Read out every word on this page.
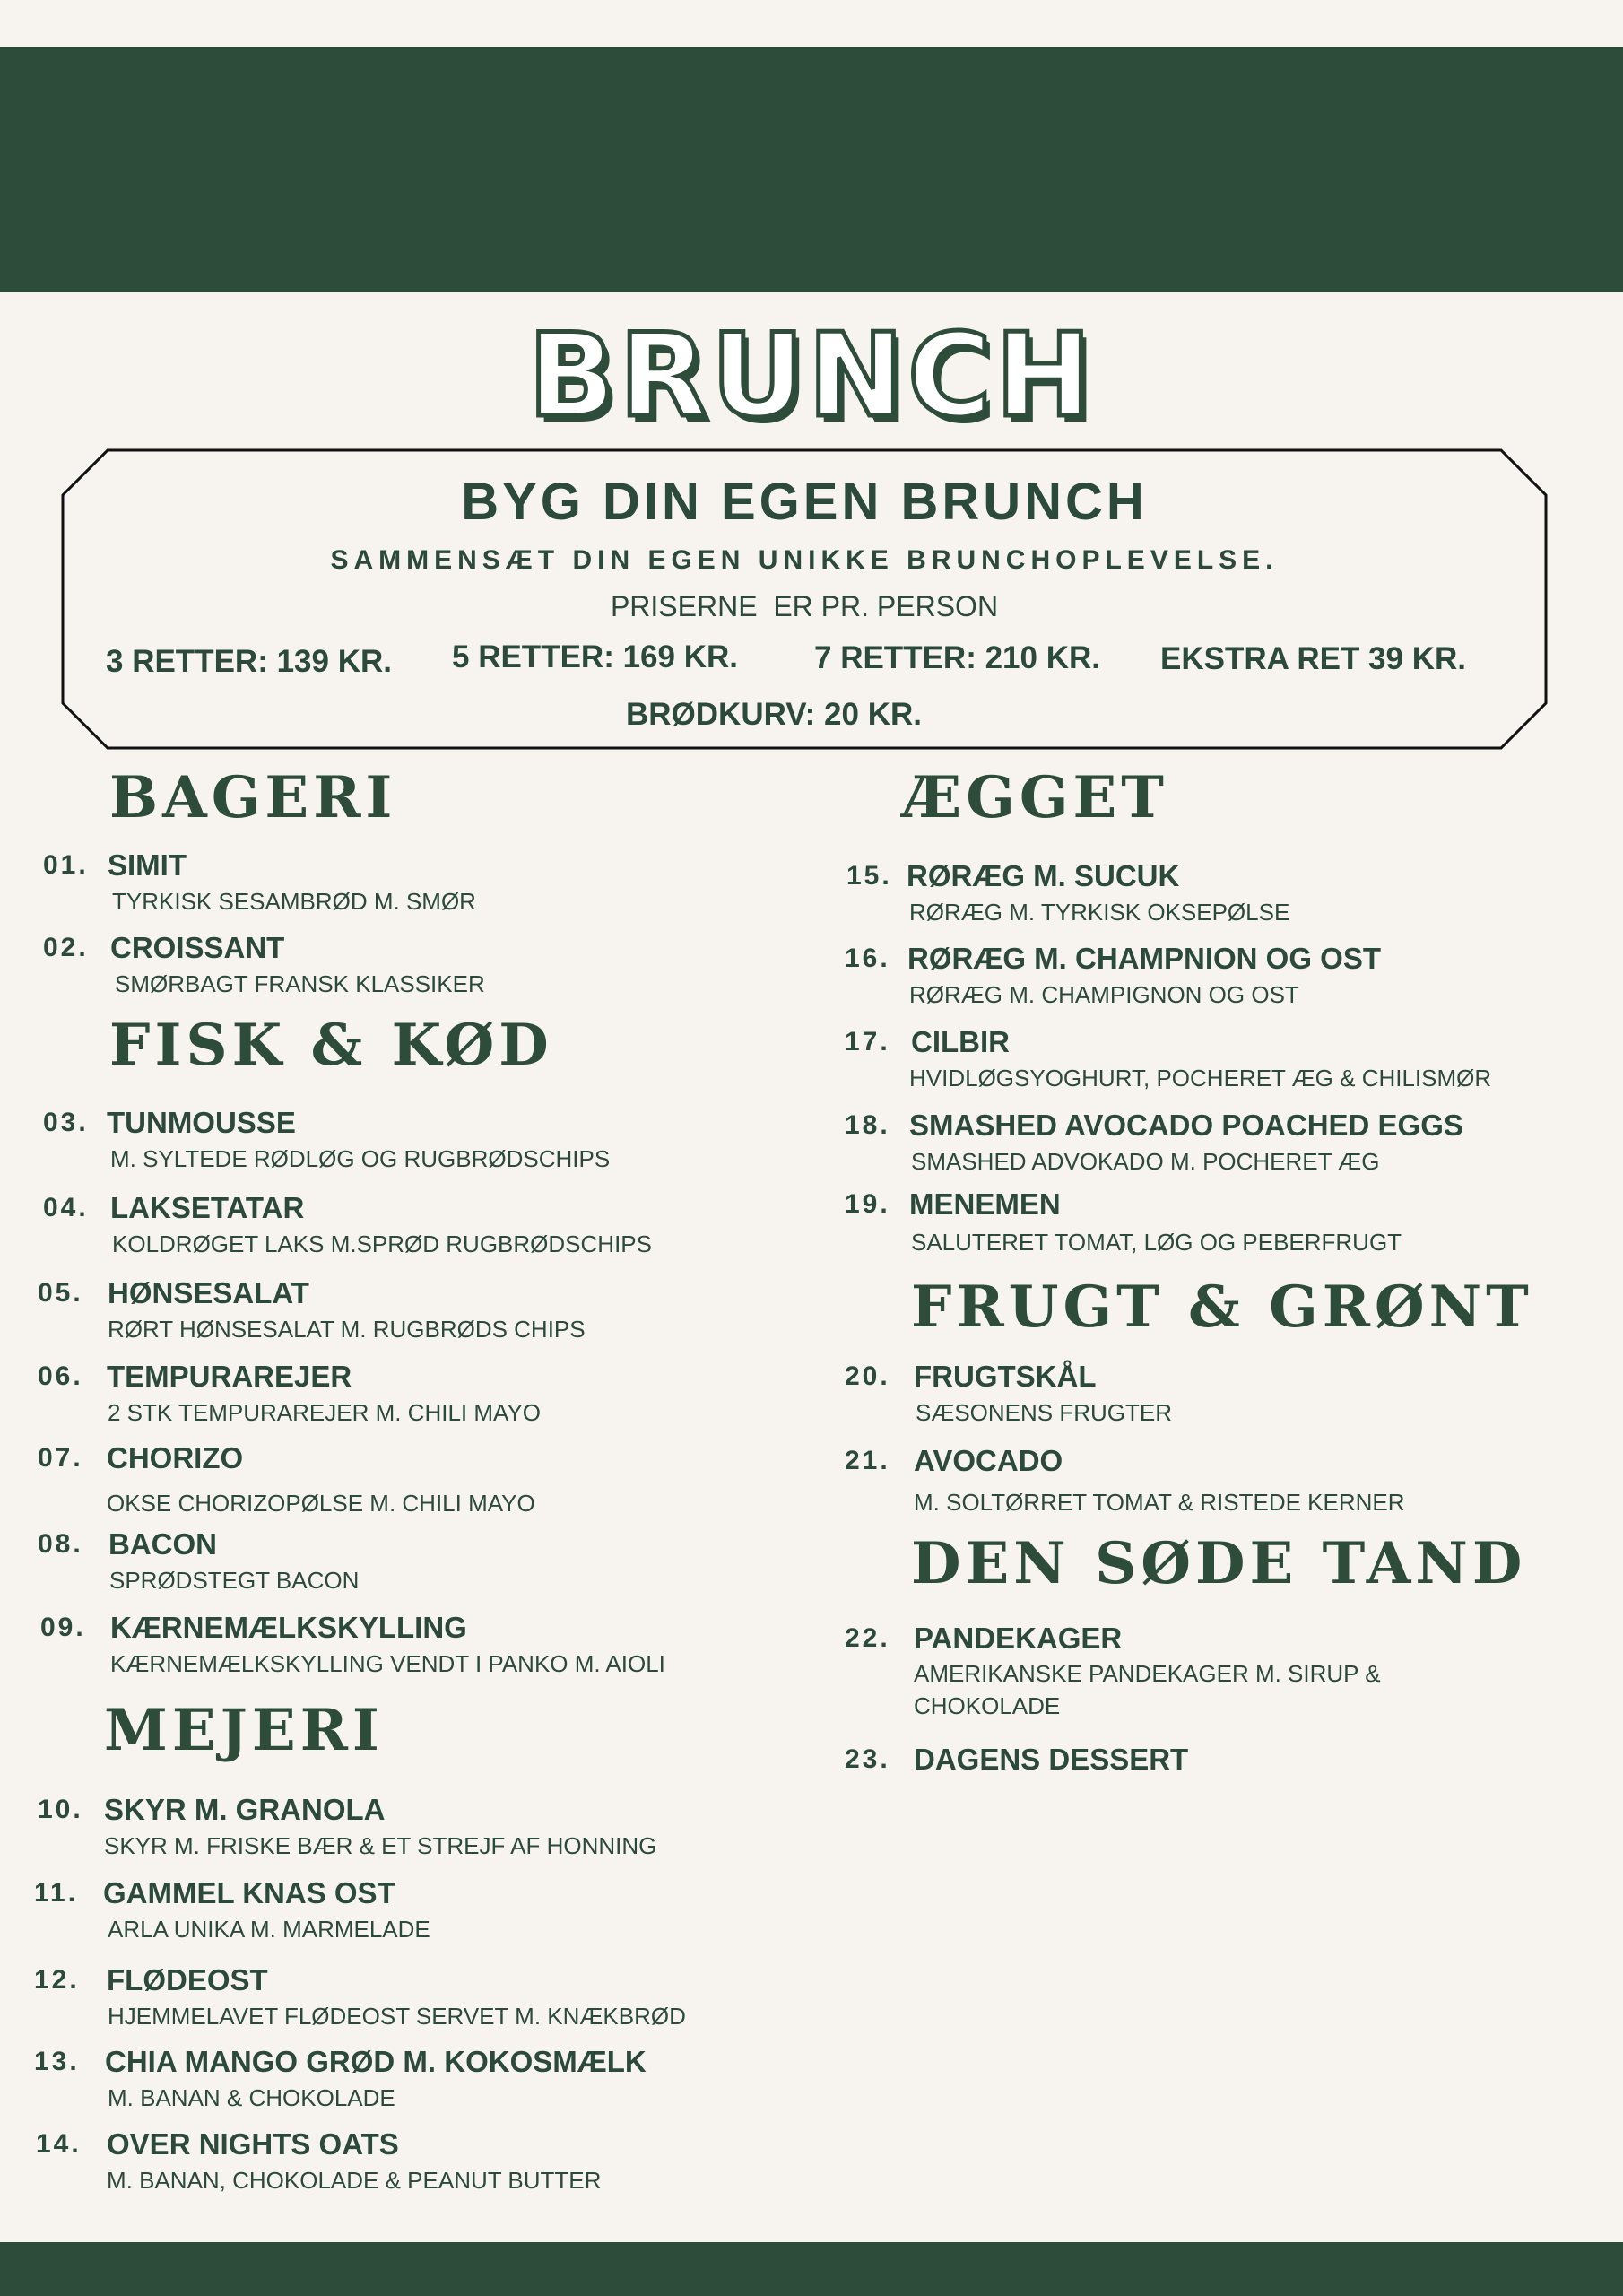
BRUNCH
BYG DIN EGEN BRUNCH
SAMMENSÆT DIN EGEN UNIKKE BRUNCHOPLEVELSE.
PRISERNE  ER PR. PERSON
3 RETTER: 139 KR. 5 RETTER: 169 KR. 7 RETTER: 210 KR. EKSTRA RET 39 KR.
BRØDKURV: 20 KR.
BAGERI
01. SIMIT
TYRKISK SESAMBRØD M. SMØR
02. CROISSANT
SMØRBAGT FRANSK KLASSIKER
FISK & KØD
03. TUNMOUSSE
M. SYLTEDE RØDLØG OG RUGBRØDSCHIPS
04. LAKSETATAR
KOLDRØGET LAKS M.SPRØD RUGBRØDSCHIPS
05. HØNSESALAT
RØRT HØNSESALAT M. RUGBRØDS CHIPS
06. TEMPURAREJER
2 STK TEMPURAREJER M. CHILI MAYO
07. CHORIZO
OKSE CHORIZOPØLSE M. CHILI MAYO
08. BACON
SPRØDSTEGT BACON
09. KÆRNEMÆLKSKYLLING
KÆRNEMÆLKSKYLLING VENDT I PANKO M. AIOLI
MEJERI
10. SKYR M. GRANOLA
SKYR M. FRISKE BÆR & ET STREJF AF HONNING
11. GAMMEL KNAS OST
ARLA UNIKA M. MARMELADE
12. FLØDEOST
HJEMMELAVET FLØDEOST SERVET M. KNÆKBRØD
13. CHIA MANGO GRØD M. KOKOSMÆLK
M. BANAN & CHOKOLADE
14. OVER NIGHTS OATS
M. BANAN, CHOKOLADE & PEANUT BUTTER
ÆGGET
15. RØRÆG M. SUCUK
RØRÆG M. TYRKISK OKSEPØLSE
16. RØRÆG M. CHAMPNION OG OST
RØRÆG M. CHAMPIGNON OG OST
17. CILBIR
HVIDLØGSYOGHURT, POCHERET ÆG & CHILISMØR
18. SMASHED AVOCADO POACHED EGGS
SMASHED ADVOKADO M. POCHERET ÆG
19. MENEMEN
SALUTERET TOMAT, LØG OG PEBERFRUGT
FRUGT & GRØNT
20. FRUGTSKÅL
SÆSONENS FRUGTER
21. AVOCADO
M. SOLTØRRET TOMAT & RISTEDE KERNER
DEN SØDE TAND
22. PANDEKAGER
AMERIKANSKE PANDEKAGER M. SIRUP & CHOKOLADE
23. DAGENS DESSERT
